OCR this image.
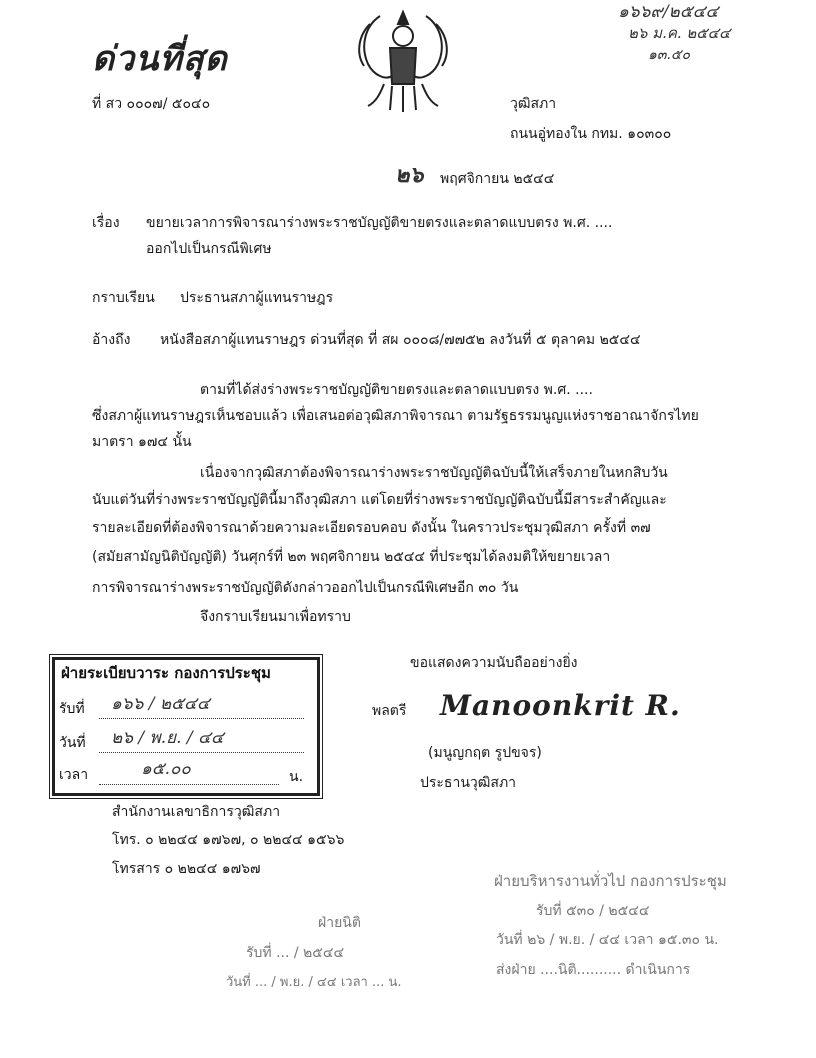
ด่วนที่สุด
ที่ สว ๐๐๐๗/ ๕๐๔๐
๑๖๖๙/๒๕๔๔
๒๖ ม.ค. ๒๕๔๔
๑๓.๕๐
วุฒิสภา
ถนนอู่ทองใน กทม. ๑๐๓๐๐
๒๖ พฤศจิกายน ๒๕๔๔
เรื่อง ขยายเวลาการพิจารณาร่างพระราชบัญญัติขายตรงและตลาดแบบตรง พ.ศ. ....
ออกไปเป็นกรณีพิเศษ
กราบเรียน ประธานสภาผู้แทนราษฎร
อ้างถึง หนังสือสภาผู้แทนราษฎร ด่วนที่สุด ที่ สผ ๐๐๐๘/๗๗๕๒ ลงวันที่ ๕ ตุลาคม ๒๕๔๔
ตามที่ได้ส่งร่างพระราชบัญญัติขายตรงและตลาดแบบตรง พ.ศ. ....
ซึ่งสภาผู้แทนราษฎรเห็นชอบแล้ว เพื่อเสนอต่อวุฒิสภาพิจารณา ตามรัฐธรรมนูญแห่งราชอาณาจักรไทย
มาตรา ๑๗๔ นั้น
เนื่องจากวุฒิสภาต้องพิจารณาร่างพระราชบัญญัติฉบับนี้ให้เสร็จภายในหกสิบวัน
นับแต่วันที่ร่างพระราชบัญญัตินี้มาถึงวุฒิสภา แต่โดยที่ร่างพระราชบัญญัติฉบับนี้มีสาระสำคัญและ
รายละเอียดที่ต้องพิจารณาด้วยความละเอียดรอบคอบ ดังนั้น ในคราวประชุมวุฒิสภา ครั้งที่ ๓๗
(สมัยสามัญนิติบัญญัติ) วันศุกร์ที่ ๒๓ พฤศจิกายน ๒๕๔๔ ที่ประชุมได้ลงมติให้ขยายเวลา
การพิจารณาร่างพระราชบัญญัติดังกล่าวออกไปเป็นกรณีพิเศษอีก ๓๐ วัน
จึงกราบเรียนมาเพื่อทราบ
ฝ่ายระเบียบวาระ กองการประชุม
รับที่ ๑๖๖ / ๒๕๔๔
วันที่ ๒๖ / พ.ย. / ๔๔
เวลา	๑๕.๐๐	น.
ขอแสดงความนับถืออย่างยิ่ง
พลตรี Manoonkrit R.
(มนูญกฤต รูปขจร)
ประธานวุฒิสภา
สำนักงานเลขาธิการวุฒิสภา
โทร. ๐ ๒๒๔๔ ๑๗๖๗, ๐ ๒๒๔๔ ๑๕๖๖
โทรสาร ๐ ๒๒๔๔ ๑๗๖๗
ฝ่ายบริหารงานทั่วไป กองการประชุม
รับที่ ๕๓๐ / ๒๕๔๔
วันที่ ๒๖ / พ.ย. / ๔๔ เวลา ๑๕.๓๐ น.
ส่งฝ่าย ....นิติ.......... ดำเนินการ
ฝ่ายนิติ
รับที่ ... / ๒๕๔๔
วันที่ ... / พ.ย. / ๔๔ เวลา ... น.
